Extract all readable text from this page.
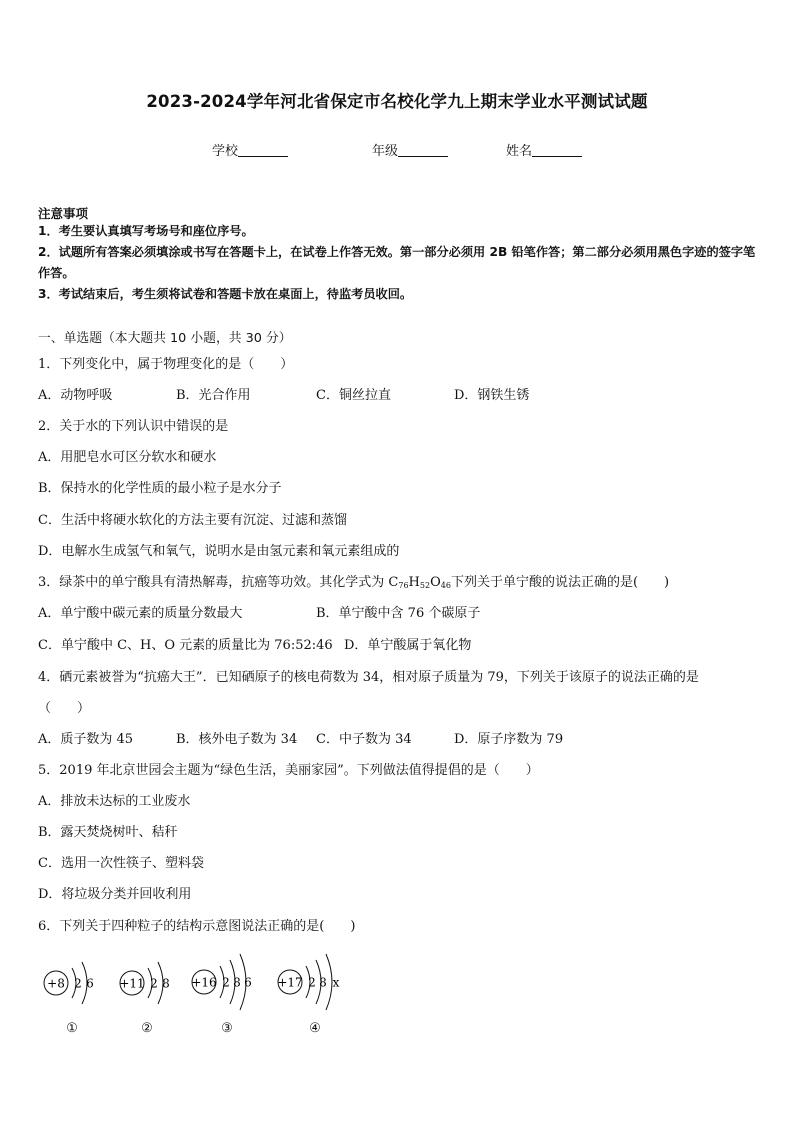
2023-2024学年河北省保定市名校化学九上期末学业水平测试试题
学校	年级	姓名
注意事项
1．考生要认真填写考场号和座位序号。
2．试题所有答案必须填涂或书写在答题卡上，在试卷上作答无效。第一部分必须用 2B 铅笔作答；第二部分必须用黑色字迹的签字笔作答。
3．考试结束后，考生须将试卷和答题卡放在桌面上，待监考员收回。
一、单选题（本大题共 10 小题，共 30 分）
1．下列变化中，属于物理变化的是（　　）
A．动物呼吸	B．光合作用	C．铜丝拉直	D．钢铁生锈
2．关于水的下列认识中错误的是
A．用肥皂水可区分软水和硬水
B．保持水的化学性质的最小粒子是水分子
C．生活中将硬水软化的方法主要有沉淀、过滤和蒸馏
D．电解水生成氢气和氧气，说明水是由氢元素和氧元素组成的
3．绿茶中的单宁酸具有清热解毒，抗癌等功效。其化学式为 $C_{76}H_{52}O_{46}$下列关于单宁酸的说法正确的是(　　)
A．单宁酸中碳元素的质量分数最大	B．单宁酸中含 76 个碳原子
C．单宁酸中 C、H、O 元素的质量比为 76:52:46 D．单宁酸属于氧化物
4．硒元素被誉为“抗癌大王”．已知硒原子的核电荷数为 34，相对原子质量为 79，下列关于该原子的说法正确的是
（　　）
A．质子数为 45	B．核外电子数为 34 C．中子数为 34	D．原子序数为 79
5．2019 年北京世园会主题为“绿色生活，美丽家园”。下列做法值得提倡的是（　　）
A．排放未达标的工业废水
B．露天焚烧树叶、秸秆
C．选用一次性筷子、塑料袋
D．将垃圾分类并回收利用
6．下列关于四种粒子的结构示意图说法正确的是(　　)
+8 2 6
①
+11 2 8
②
+16 2 8 6
③
+17 2 8 x
④
